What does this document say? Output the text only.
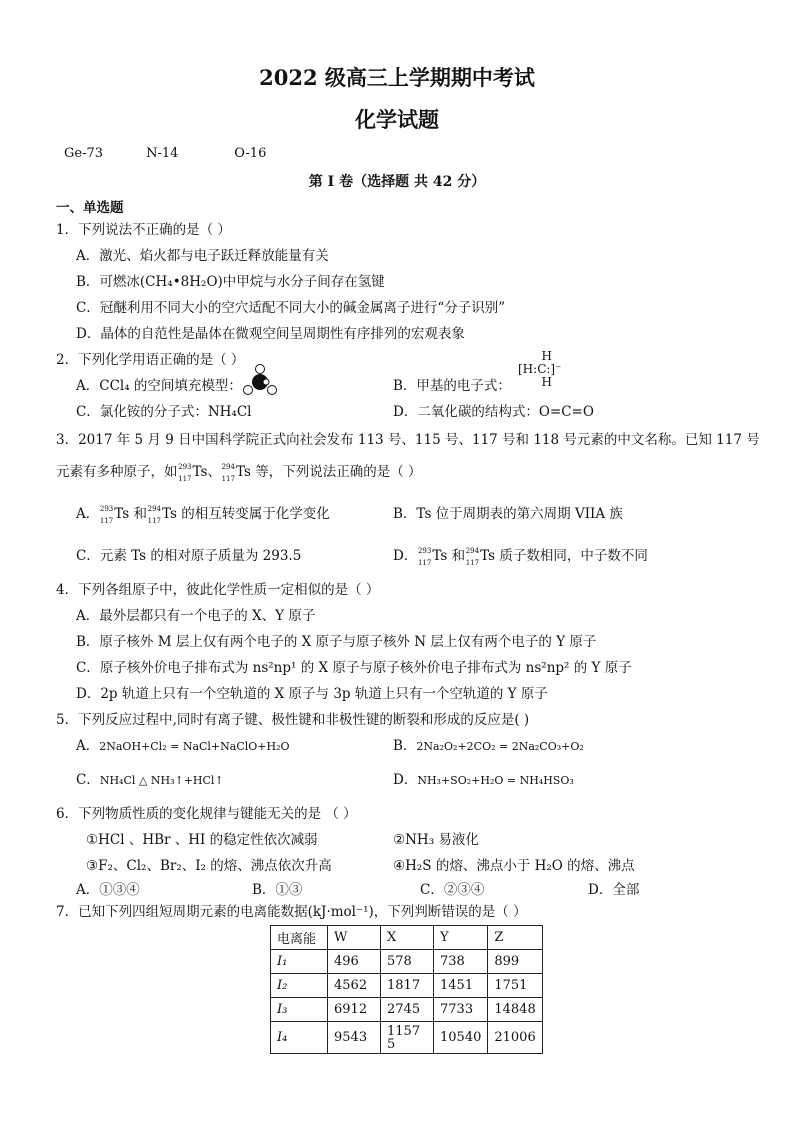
2022 级高三上学期期中考试
化学试题
Ge-73	N-14	O-16
第 I 卷（选择题 共 42 分）
一、单选题
1．下列说法不正确的是（ ）
A．激光、焰火都与电子跃迁释放能量有关
B．可燃冰(CH₄•8H₂O)中甲烷与水分子间存在氢键
C．冠醚利用不同大小的空穴适配不同大小的碱金属离子进行“分子识别”
D．晶体的自范性是晶体在微观空间呈周期性有序排列的宏观表象
2．下列化学用语正确的是（ ）
A．CCl₄ 的空间填充模型：	B．甲基的电子式：
H
[H:C:]⁻
H
C．氯化铵的分子式：NH₄Cl	D．二氧化碳的结构式：O=C=O
3．2017 年 5 月 9 日中国科学院正式向社会发布 113 号、115 号、117 号和 118 号元素的中文名称。已知 117 号
元素有多种原子，如 293
117 Ts、 294
117 Ts 等，下列说法正确的是（ ）
A． 293
117 Ts 和 294
117 Ts 的相互转变属于化学变化	B．Ts 位于周期表的第六周期 VIIA 族
C．元素 Ts 的相对原子质量为 293.5	D． 293
117 Ts 和 294
117 Ts 质子数相同，中子数不同
4．下列各组原子中，彼此化学性质一定相似的是（ ）
A．最外层都只有一个电子的 X、Y 原子
B．原子核外 M 层上仅有两个电子的 X 原子与原子核外 N 层上仅有两个电子的 Y 原子
C．原子核外价电子排布式为 ns²np¹ 的 X 原子与原子核外价电子排布式为 ns²np² 的 Y 原子
D．2p 轨道上只有一个空轨道的 X 原子与 3p 轨道上只有一个空轨道的 Y 原子
5．下列反应过程中,同时有离子键、极性键和非极性键的断裂和形成的反应是( )
A．2NaOH+Cl₂ = NaCl+NaClO+H₂O	B．2Na₂O₂+2CO₂ = 2Na₂CO₃+O₂
C．NH₄Cl △ NH₃↑+HCl↑	D．NH₃+SO₂+H₂O = NH₄HSO₃
6．下列物质性质的变化规律与键能无关的是 （ ）
①HCl 、HBr 、HI 的稳定性依次减弱	②NH₃ 易液化
③F₂、Cl₂、Br₂、I₂ 的熔、沸点依次升高	④H₂S 的熔、沸点小于 H₂O 的熔、沸点
A．①③④	B．①③	C．②③④	D．全部
7．已知下列四组短周期元素的电离能数据(kJ·mol⁻¹)，下列判断错误的是（ ）
电离能	W	X	Y	Z
I₁	496	578	738	899
I₂	4562	1817	1451	1751
I₃	6912	2745	7733	14848
I₄	9543	11575	10540	21006
